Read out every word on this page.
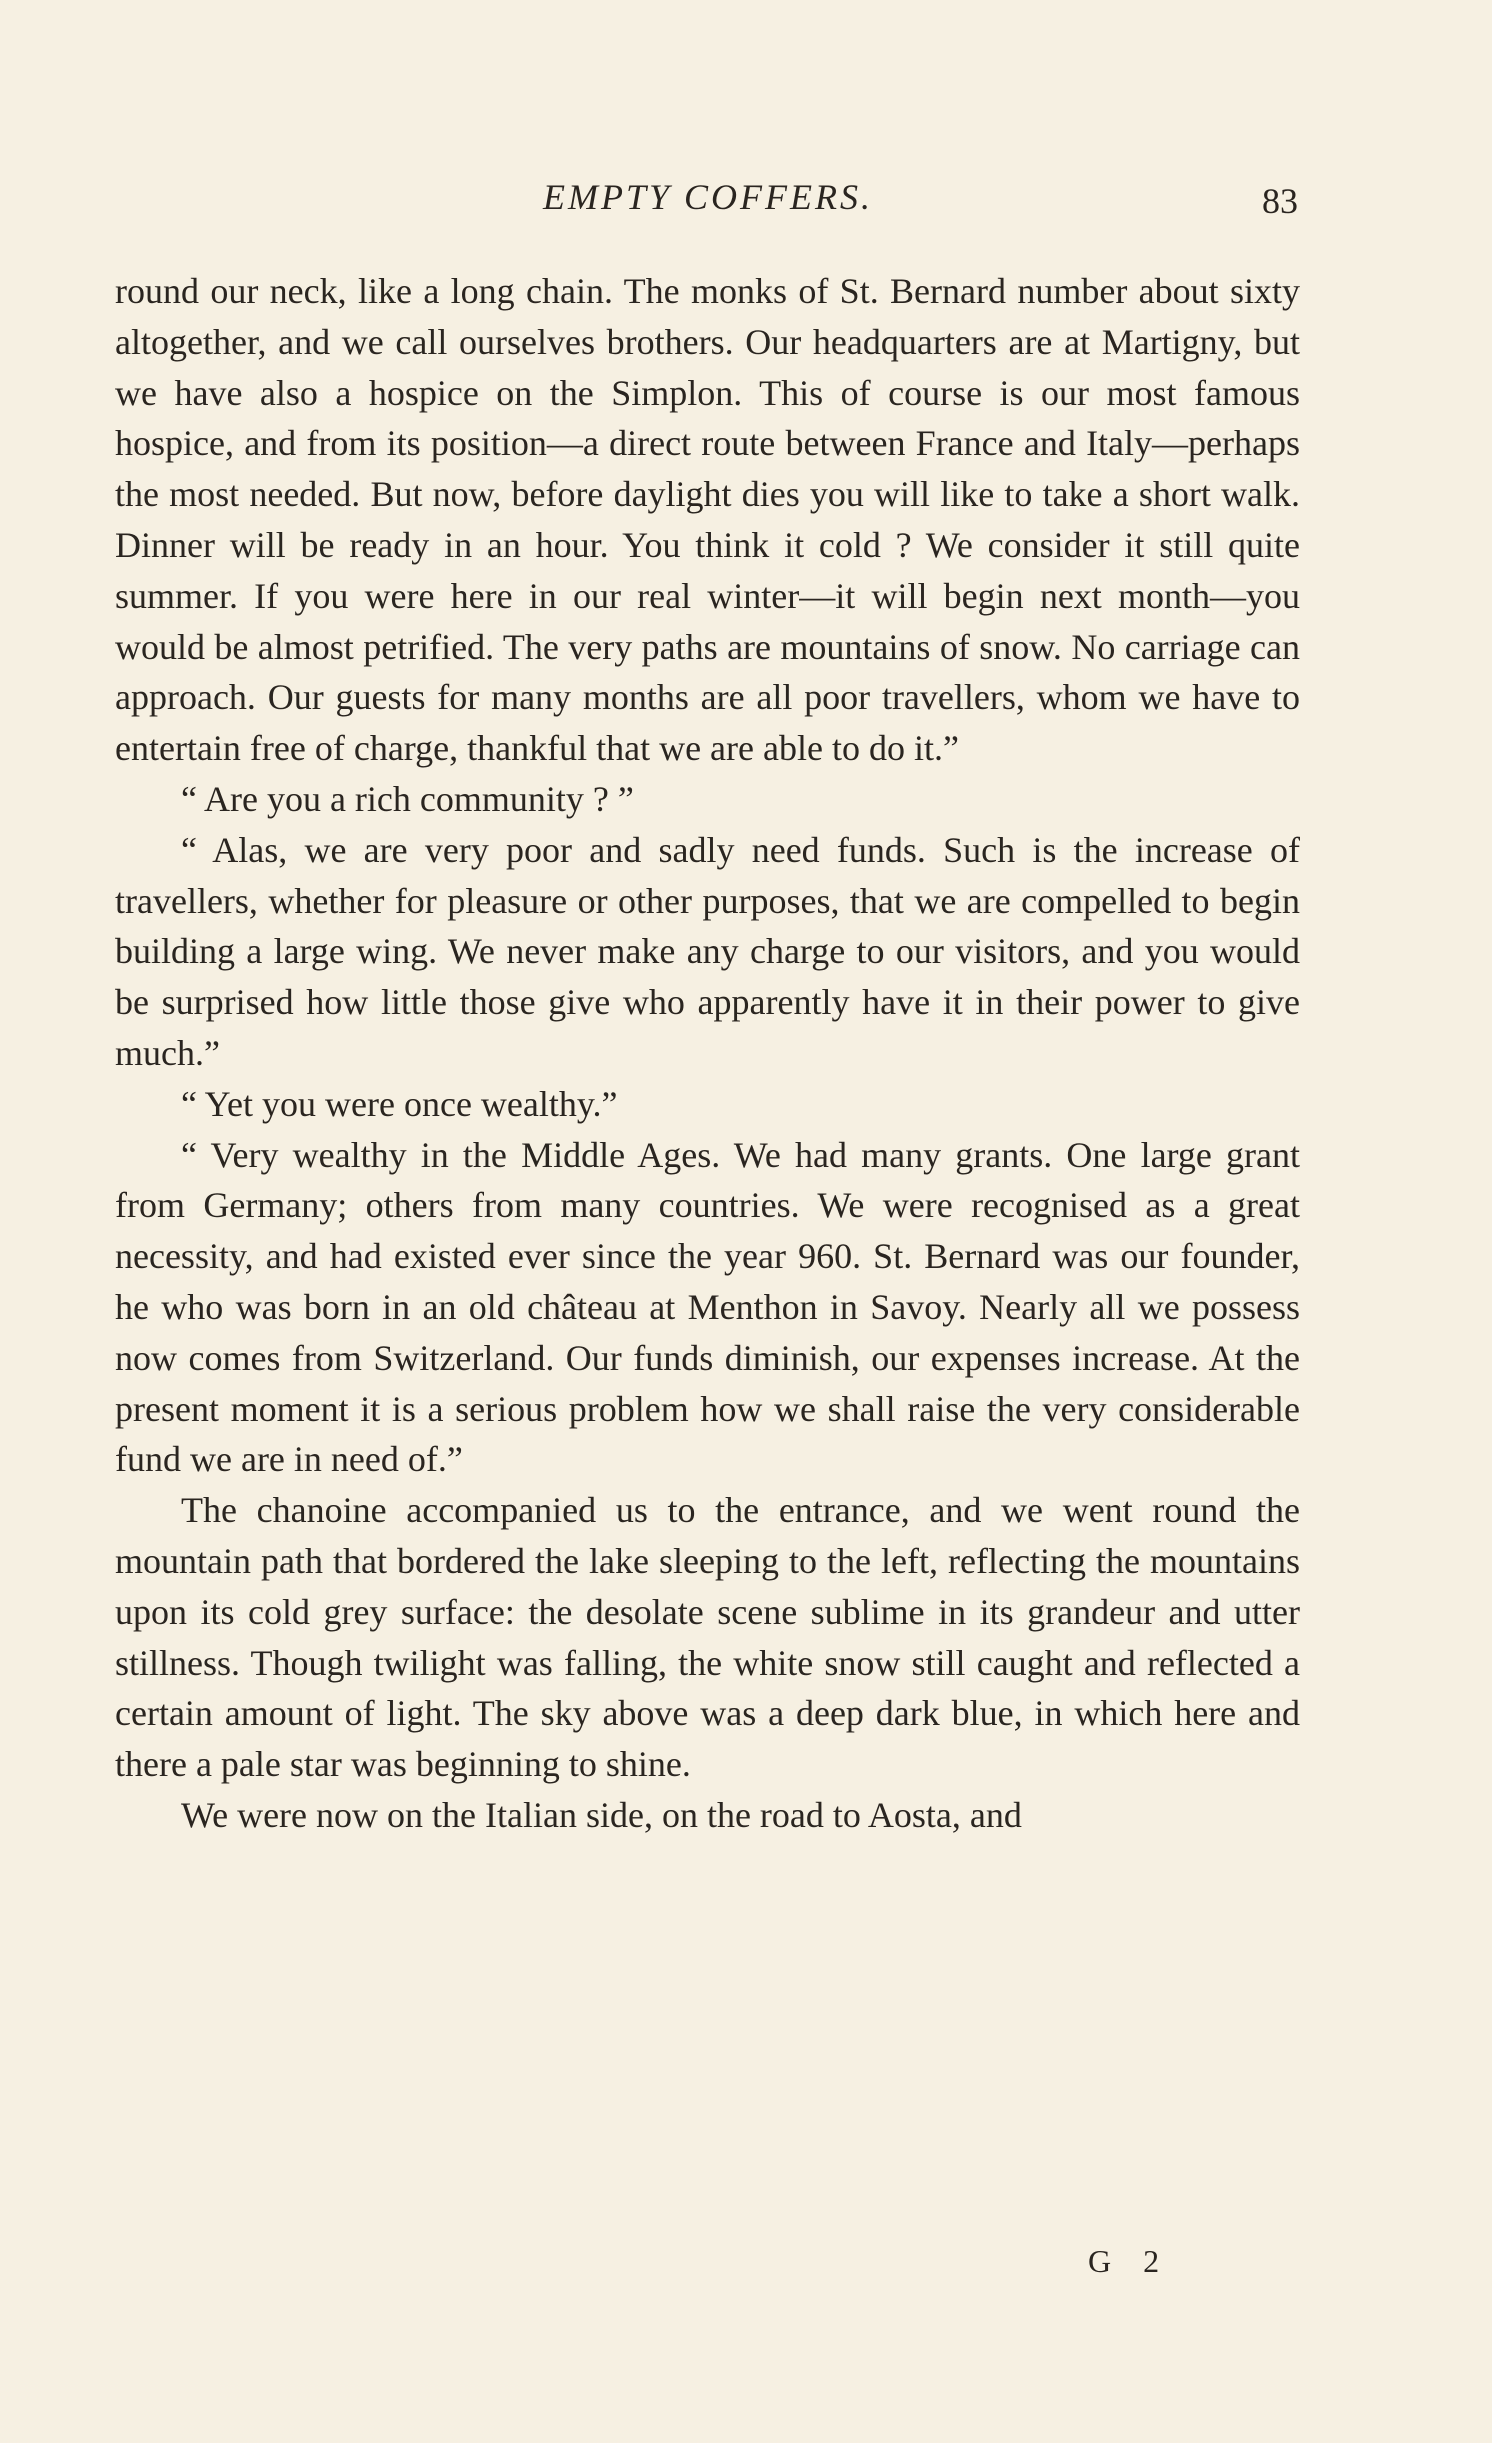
EMPTY COFFERS.	83

round our neck, like a long chain. The monks of St. Bernard number about sixty altogether, and we call ourselves brothers. Our headquarters are at Martigny, but we have also a hospice on the Simplon. This of course is our most famous hospice, and from its position—a direct route between France and Italy—perhaps the most needed. But now, before daylight dies you will like to take a short walk. Dinner will be ready in an hour. You think it cold ? We consider it still quite summer. If you were here in our real winter—it will begin next month—you would be almost petrified. The very paths are mountains of snow. No carriage can approach. Our guests for many months are all poor travellers, whom we have to entertain free of charge, thankful that we are able to do it.”

“ Are you a rich community ? ”

“ Alas, we are very poor and sadly need funds. Such is the increase of travellers, whether for pleasure or other purposes, that we are compelled to begin building a large wing. We never make any charge to our visitors, and you would be surprised how little those give who apparently have it in their power to give much.”

“ Yet you were once wealthy.”

“ Very wealthy in the Middle Ages. We had many grants. One large grant from Germany; others from many countries. We were recognised as a great necessity, and had existed ever since the year 960. St. Bernard was our founder, he who was born in an old château at Menthon in Savoy. Nearly all we possess now comes from Switzerland. Our funds diminish, our expenses increase. At the present moment it is a serious problem how we shall raise the very considerable fund we are in need of.”

The chanoine accompanied us to the entrance, and we went round the mountain path that bordered the lake sleeping to the left, reflecting the mountains upon its cold grey surface: the desolate scene sublime in its grandeur and utter stillness. Though twilight was falling, the white snow still caught and reflected a certain amount of light. The sky above was a deep dark blue, in which here and there a pale star was beginning to shine.

We were now on the Italian side, on the road to Aosta, and

G 2
